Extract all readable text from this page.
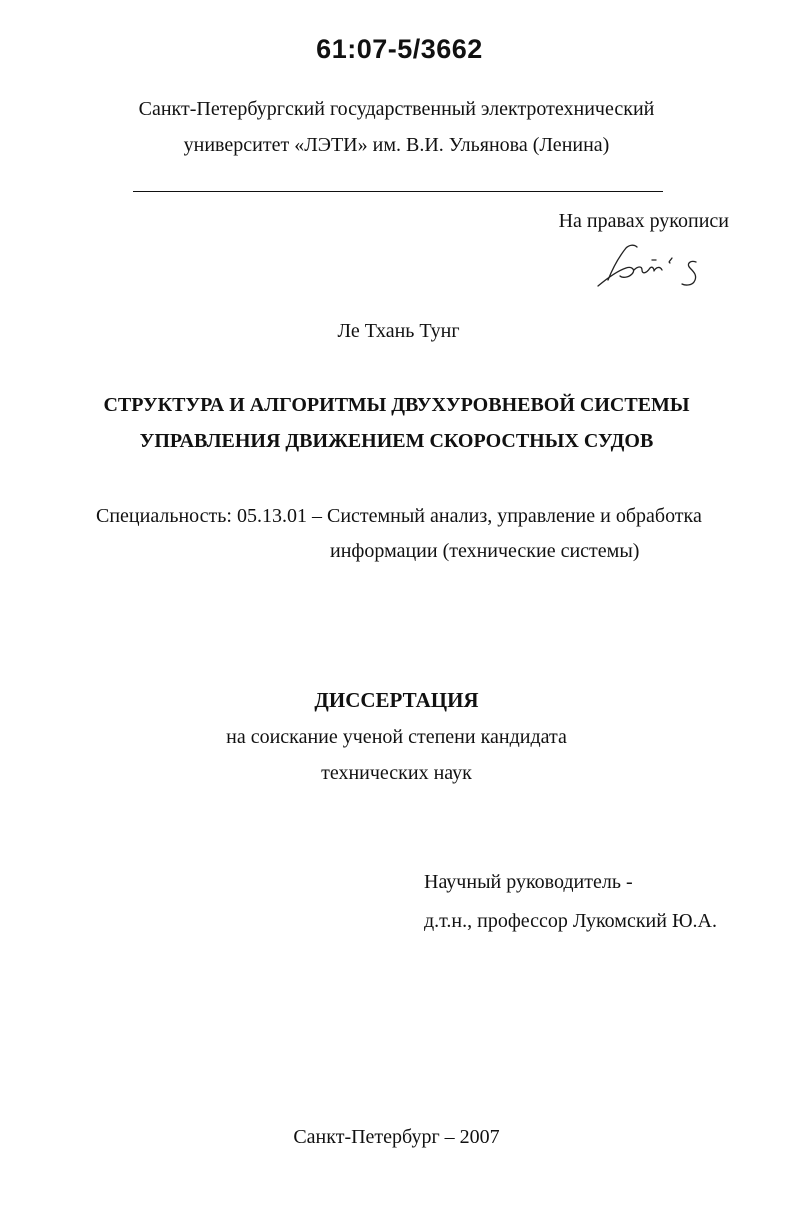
61:07-5/3662
Санкт-Петербургский государственный электротехнический
университет «ЛЭТИ» им. В.И. Ульянова (Ленина)
На правах рукописи
Ле Тхань Тунг
СТРУКТУРА И АЛГОРИТМЫ ДВУХУРОВНЕВОЙ СИСТЕМЫ
УПРАВЛЕНИЯ ДВИЖЕНИЕМ СКОРОСТНЫХ СУДОВ
Специальность: 05.13.01 – Системный анализ, управление и обработка
информации (технические системы)
ДИССЕРТАЦИЯ
на соискание ученой степени кандидата
технических наук
Научный руководитель -
д.т.н., профессор Лукомский Ю.А.
Санкт-Петербург – 2007
